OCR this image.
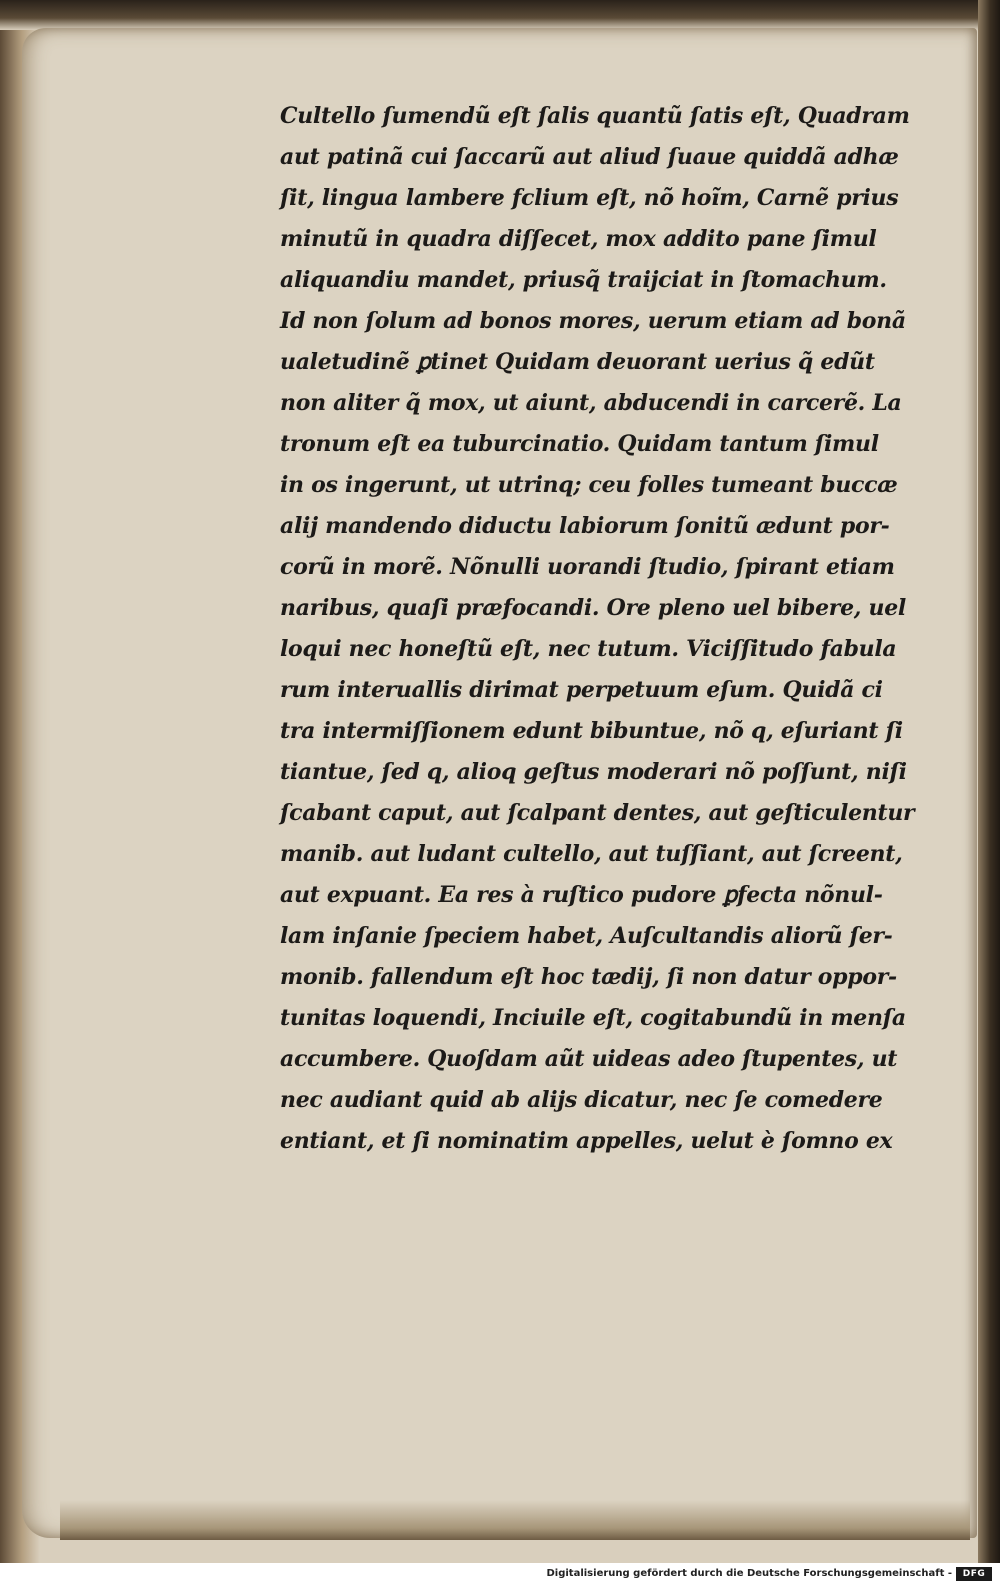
Cultello ſumendũ eſt ſalis quantũ ſatis eſt, Quadram
aut patinã cui ſaccarũ aut aliud ſuaue quiddã adhæ
ſit, lingua lambere fclium eſt, nõ hoĩm, Carnẽ prius
minutũ in quadra diſſecet, mox addito pane ſimul
aliquandiu mandet, priusq̃ traijciat in ſtomachum.
Id non ſolum ad bonos mores, uerum etiam ad bonã
ualetudinẽ ꝑtinet Quidam deuorant uerius q̃ edũt
non aliter q̃ mox, ut aiunt, abducendi in carcerẽ. La
tronum eſt ea tuburcinatio. Quidam tantum ſimul
in os ingerunt, ut utrinq; ceu folles tumeant buccæ
alij mandendo diductu labiorum ſonitũ ædunt por-
corũ in morẽ. Nõnulli uorandi ſtudio, ſpirant etiam
naribus, quaſi præfocandi. Ore pleno uel bibere, uel
loqui nec honeſtũ eſt, nec tutum. Viciſſitudo fabula
rum interuallis dirimat perpetuum eſum. Quidã ci
tra intermiſſionem edunt bibuntue, nõ q, eſuriant ſi
tiantue, ſed q, alioq geſtus moderari nõ poſſunt, niſi
ſcabant caput, aut ſcalpant dentes, aut geſticulentur
manib. aut ludant cultello, aut tuſſiant, aut ſcreent,
aut expuant. Ea res à ruſtico pudore ꝑfecta nõnul-
lam inſanie ſpeciem habet, Auſcultandis aliorũ ſer-
monib. fallendum eſt hoc tædij, ſi non datur oppor-
tunitas loquendi, Inciuile eſt, cogitabundũ in menſa
accumbere. Quoſdam aũt uideas adeo ſtupentes, ut
nec audiant quid ab alijs dicatur, nec ſe comedere
entiant, et ſi nominatim appelles, uelut è ſomno ex
Digitalisierung gefördert durch die Deutsche Forschungsgemeinschaft -	DFG
